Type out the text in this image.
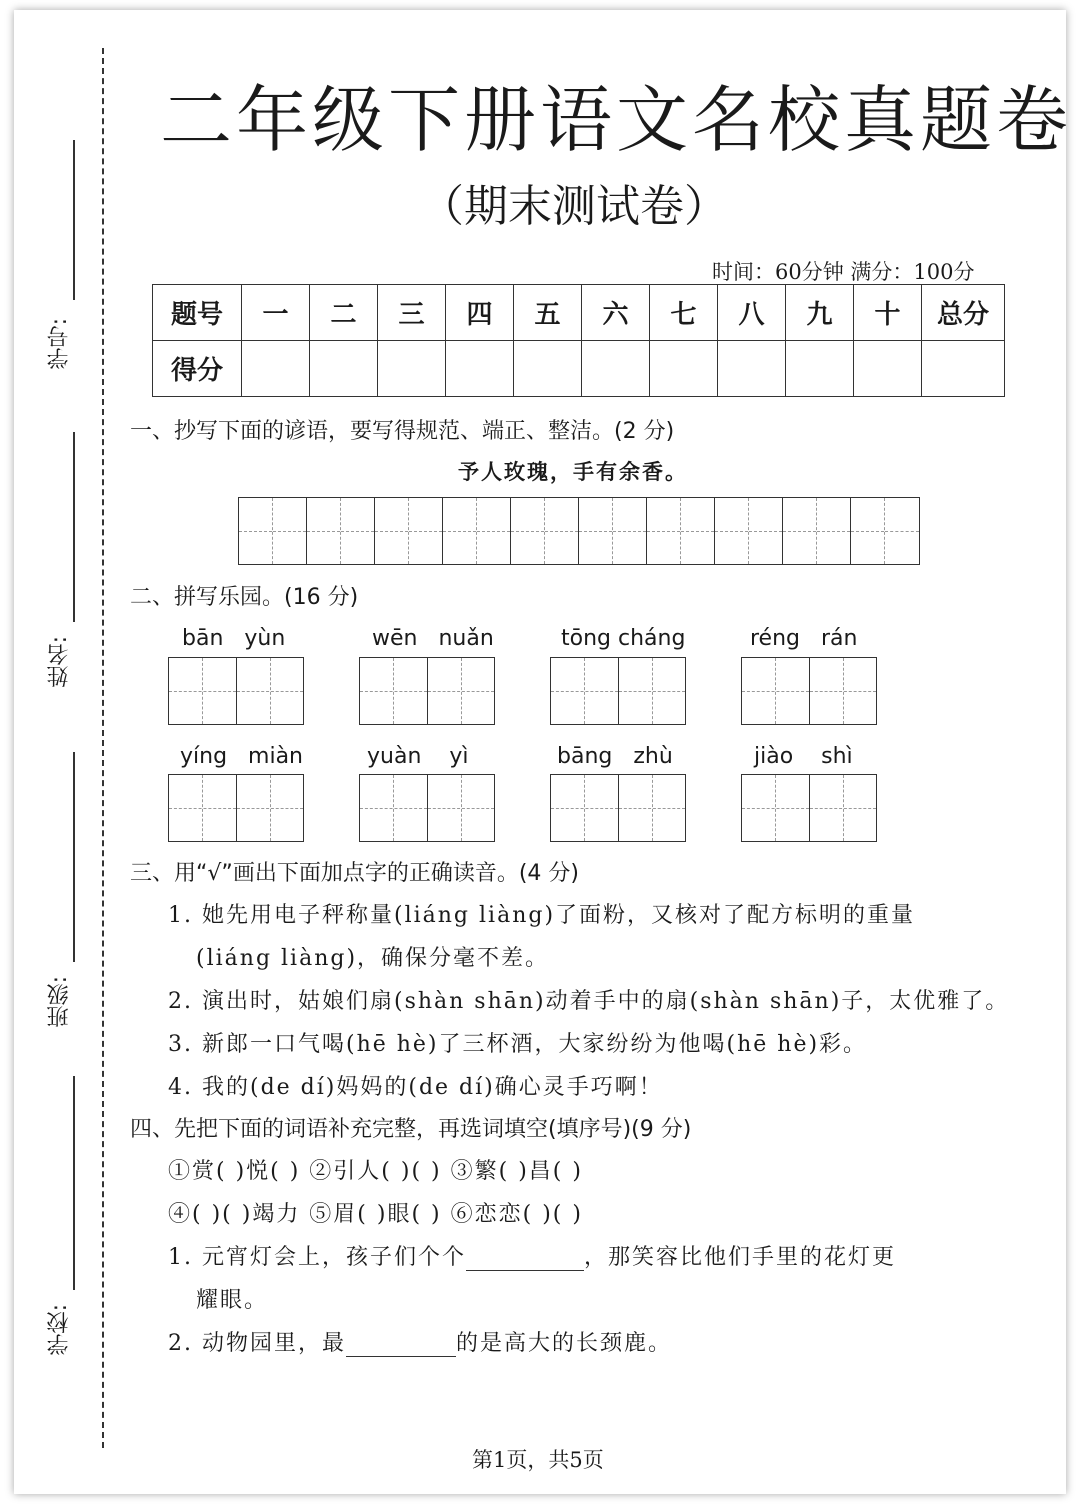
学号:
姓名:
班级:
学校:
二年级下册语文名校真题卷
（期末测试卷）
时间：60分钟 满分：100分
题号	一	二	三	四	五	六	七	八	九	十	总分
得分											
一、抄写下面的谚语，要写得规范、端正、整洁。(2 分)
予人玫瑰，手有余香。
二、拼写乐园。(16 分)
bān   yùn	wēn   nuǎn	tōng cháng	réng   rán
yíng   miàn	yuàn    yì	bāng   zhù	jiào    shì
三、用“√”画出下面加点字的正确读音。(4 分)
1. 她先用电子秤称量(liáng liàng)了面粉，又核对了配方标明的重量
(liáng liàng)，确保分毫不差。
2. 演出时，姑娘们扇(shàn shān)动着手中的扇(shàn shān)子，太优雅了。
3. 新郎一口气喝(hē hè)了三杯酒，大家纷纷为他喝(hē hè)彩。
4. 我的(de dí)妈妈的(de dí)确心灵手巧啊！
四、先把下面的词语补充完整，再选词填空(填序号)(9 分)
①赏( )悦( ) ②引人( )( ) ③繁( )昌( )
④( )( )竭力 ⑤眉( )眼( ) ⑥恋恋( )( )
1. 元宵灯会上，孩子们个个	，那笑容比他们手里的花灯更
耀眼。
2. 动物园里，最	的是高大的长颈鹿。
第1页，共5页
